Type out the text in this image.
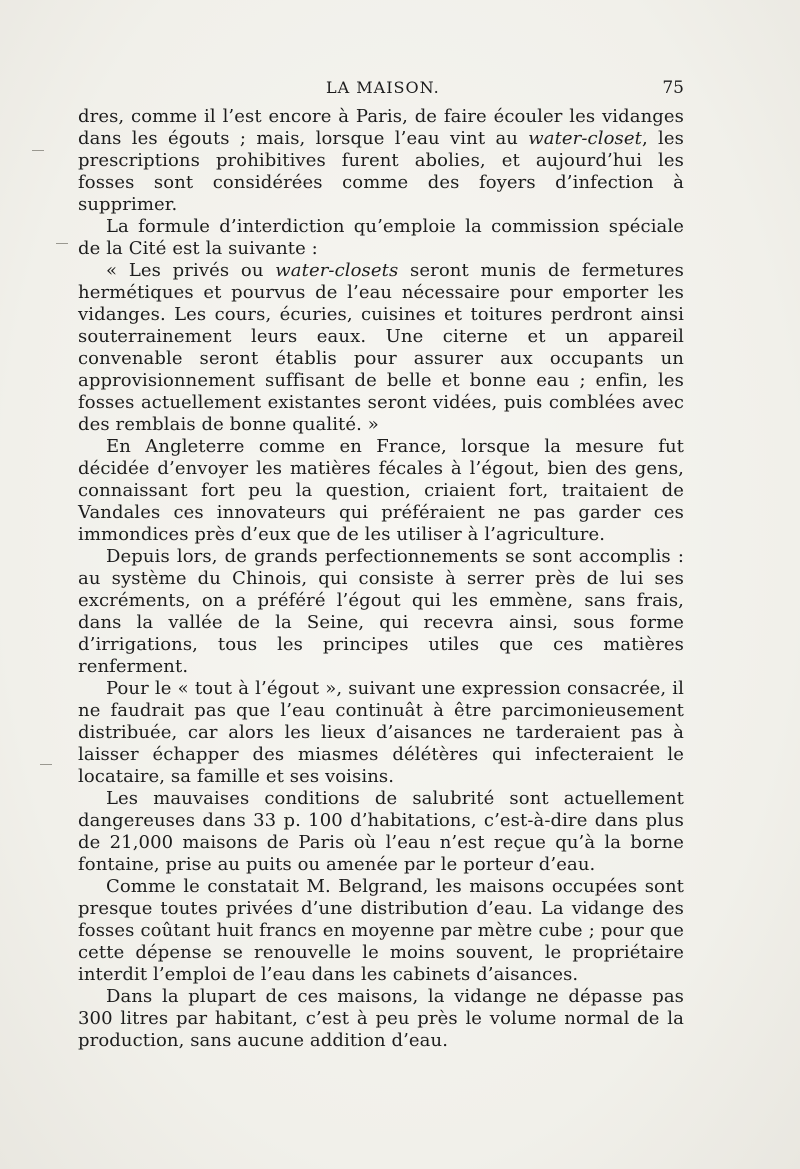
LA MAISON.	75

dres, comme il l’est encore à Paris, de faire écouler les vidanges dans les égouts ; mais, lorsque l’eau vint au water-closet, les prescriptions prohibitives furent abolies, et aujourd’hui les fosses sont considérées comme des foyers d’infection à supprimer.

La formule d’interdiction qu’emploie la commission spéciale de la Cité est la suivante :

« Les privés ou water-closets seront munis de fermetures hermétiques et pourvus de l’eau nécessaire pour emporter les vidanges. Les cours, écuries, cuisines et toitures perdront ainsi souterrainement leurs eaux. Une citerne et un appareil convenable seront établis pour assurer aux occupants un approvisionnement suffisant de belle et bonne eau ; enfin, les fosses actuellement existantes seront vidées, puis comblées avec des remblais de bonne qualité. »

En Angleterre comme en France, lorsque la mesure fut décidée d’envoyer les matières fécales à l’égout, bien des gens, connaissant fort peu la question, criaient fort, traitaient de Vandales ces innovateurs qui préféraient ne pas garder ces immondices près d’eux que de les utiliser à l’agriculture.

Depuis lors, de grands perfectionnements se sont accomplis : au système du Chinois, qui consiste à serrer près de lui ses excréments, on a préféré l’égout qui les emmène, sans frais, dans la vallée de la Seine, qui recevra ainsi, sous forme d’irrigations, tous les principes utiles que ces matières renferment.

Pour le « tout à l’égout », suivant une expression consacrée, il ne faudrait pas que l’eau continuât à être parcimonieusement distribuée, car alors les lieux d’aisances ne tarderaient pas à laisser échapper des miasmes délétères qui infecteraient le locataire, sa famille et ses voisins.

Les mauvaises conditions de salubrité sont actuellement dangereuses dans 33 p. 100 d’habitations, c’est-à-dire dans plus de 21,000 maisons de Paris où l’eau n’est reçue qu’à la borne fontaine, prise au puits ou amenée par le porteur d’eau.

Comme le constatait M. Belgrand, les maisons occupées sont presque toutes privées d’une distribution d’eau. La vidange des fosses coûtant huit francs en moyenne par mètre cube ; pour que cette dépense se renouvelle le moins souvent, le propriétaire interdit l’emploi de l’eau dans les cabinets d’aisances.

Dans la plupart de ces maisons, la vidange ne dépasse pas 300 litres par habitant, c’est à peu près le volume normal de la production, sans aucune addition d’eau.
